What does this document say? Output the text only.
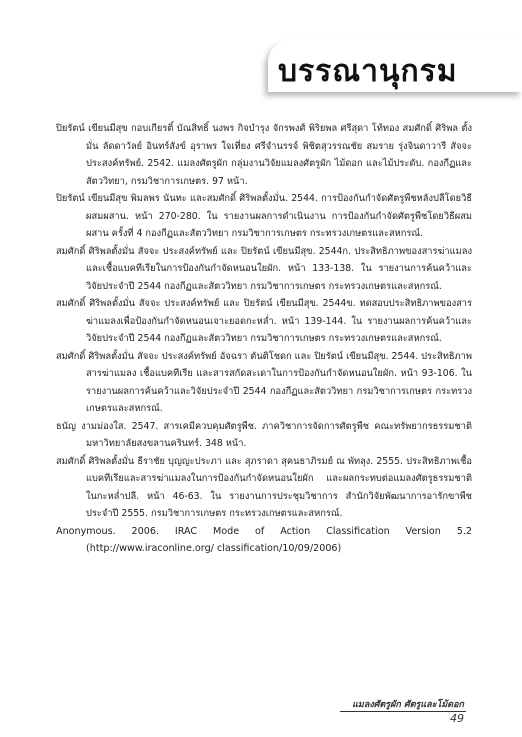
บรรณานุกรม

ปิยรัตน์ เขียนมีสุข กอบเกียรติ์ บัณสิทธิ์ นงพร กิจบำรุง จักรพงศ์ พิริยพล ศรีสุดา โท้ทอง สมศักดิ์ ศิริพล ตั้งมั่น ลัดดาวัลย์ อินทร์สังข์ อุราพร ใจเที่ยง ศรีจำนรรจ์ พิชิตสุวรรณชัย สมราย รุ่งจินดาวารี สัจจะ ประสงค์ทรัพย์. 2542. แมลงศัตรูผัก กลุ่มงานวิจัยแมลงศัตรูผัก ไม้ดอก และไม้ประดับ. กองกีฏและสัตววิทยา, กรมวิชาการเกษตร. 97 หน้า.

ปิยรัตน์ เขียนมีสุข พิมลพร นันทะ และสมศักดิ์ ศิริพลตั้งมั่น. 2544. การป้องกันกำจัดศัตรูพืชหลังปลีโดยวิธีผสมผสาน. หน้า 270-280. ใน รายงานผลการดำเนินงาน การป้องกันกำจัดศัตรูพืชโดยวิธีผสมผสาน ครั้งที่ 4 กองกีฏและสัตววิทยา กรมวิชาการเกษตร กระทรวงเกษตรและสหกรณ์.

สมศักดิ์ ศิริพลตั้งมั่น สัจจะ ประสงค์ทรัพย์ และ ปิยรัตน์ เขียนมีสุข. 2544ก. ประสิทธิภาพของสารฆ่าแมลงและเชื้อแบคทีเรียในการป้องกันกำจัดหนอนใยผัก. หน้า 133-138. ใน รายงานการค้นคว้าและวิจัยประจำปี 2544 กองกีฏและสัตววิทยา กรมวิชาการเกษตร กระทรวงเกษตรและสหกรณ์.

สมศักดิ์ ศิริพลตั้งมั่น สัจจะ ประสงค์ทรัพย์ และ ปิยรัตน์ เขียนมีสุข. 2544ข. ทดสอบประสิทธิภาพของสารฆ่าแมลงเพื่อป้องกันกำจัดหนอนเจาะยอดกะหล่ำ. หน้า 139-144. ใน รายงานผลการค้นคว้าและวิจัยประจำปี 2544 กองกีฏและสัตววิทยา กรมวิชาการเกษตร กระทรวงเกษตรและสหกรณ์.

สมศักดิ์ ศิริพลตั้งมั่น สัจจะ ประสงค์ทรัพย์ อัจฉรา ตันติโชดก และ ปิยรัตน์ เขียนมีสุข. 2544. ประสิทธิภาพสารฆ่าแมลง เชื้อแบคทีเรีย และสารสกัดสะเดาในการป้องกันกำจัดหนอนใยผัก. หน้า 93-106. ใน รายงานผลการค้นคว้าและวิจัยประจำปี 2544 กองกีฏและสัตววิทยา กรมวิชาการเกษตร กระทรวงเกษตรและสหกรณ์.

ธนัญ งามม่องใส. 2547. สารเคมีควบคุมศัตรูพืช. ภาควิชาการจัดการศัตรูพืช คณะทรัพยากรธรรมชาติ มหาวิทยาลัยสงขลานครินทร์. 348 หน้า.

สมศักดิ์ ศิริพลตั้งมั่น ธีราชัย บุญญะประภา และ สุภราดา สุคนธาภิรมย์ ณ พัทลุง. 2555. ประสิทธิภาพเชื้อแบคทีเรียและสารฆ่าแมลงในการป้องกันกำจัดหนอนใยผัก และผลกระทบต่อแมลงศัตรูธรรมชาติในกะหล่ำปลี. หน้า 46-63. ใน รายงานการประชุมวิชาการ สำนักวิจัยพัฒนาการอารักขาพืช ประจำปี 2555. กรมวิชาการเกษตร กระทรวงเกษตรและสหกรณ์.

Anonymous. 2006. IRAC Mode of Action Classification Version 5.2 (http://www.iraconline.org/ classification/10/09/2006)

แมลงศัตรูผัก ศัตรูและโม้ดอก
49
